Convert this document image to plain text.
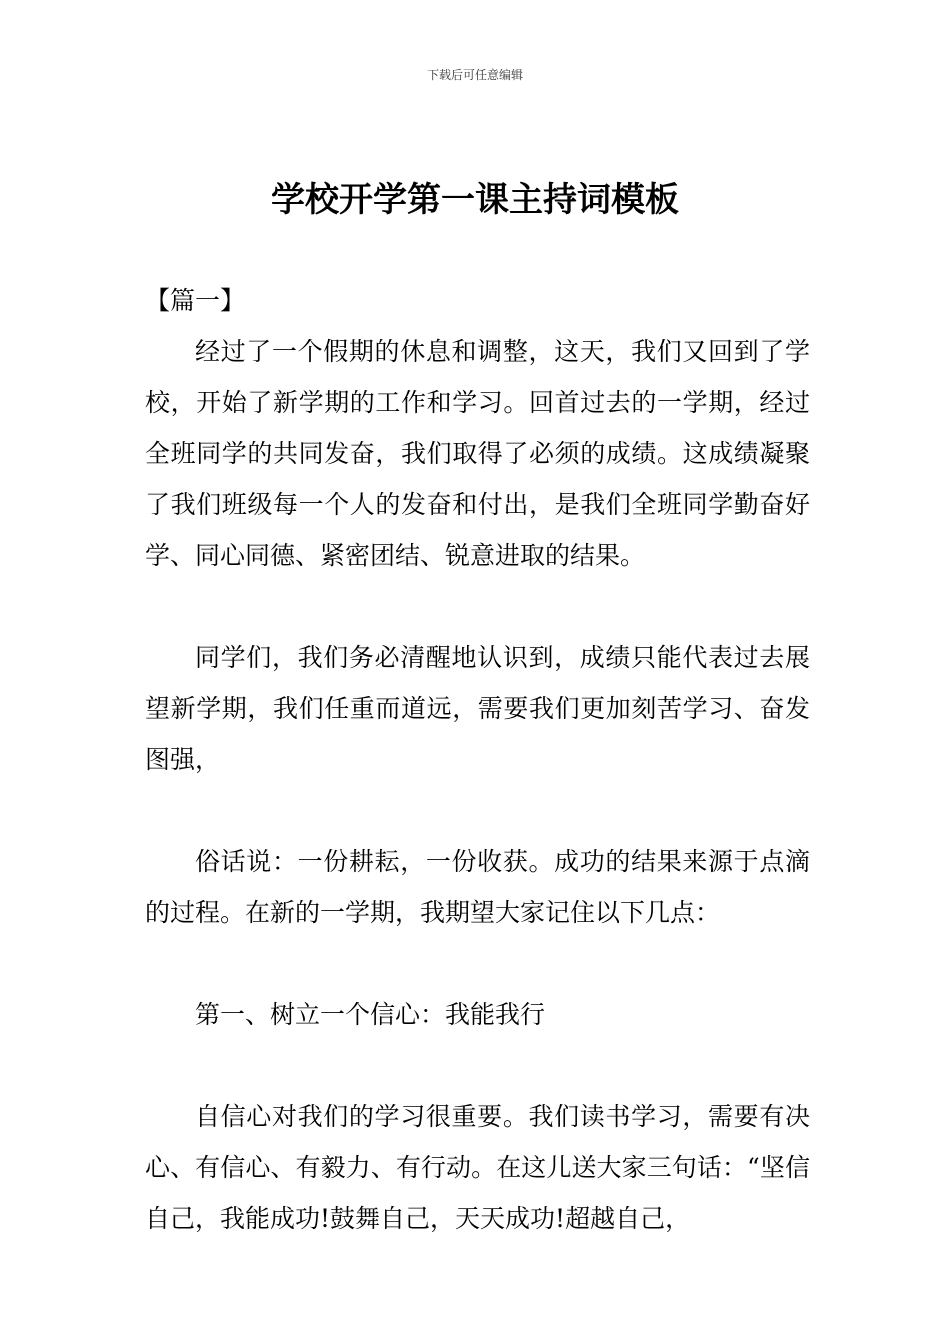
下载后可任意编辑
学校开学第一课主持词模板

【篇一】

经过了一个假期的休息和调整，这天，我们又回到了学校，开始了新学期的工作和学习。回首过去的一学期，经过全班同学的共同发奋，我们取得了必须的成绩。这成绩凝聚了我们班级每一个人的发奋和付出，是我们全班同学勤奋好学、同心同德、紧密团结、锐意进取的结果。

同学们，我们务必清醒地认识到，成绩只能代表过去展望新学期，我们任重而道远，需要我们更加刻苦学习、奋发图强，

俗话说：一份耕耘，一份收获。成功的结果来源于点滴的过程。在新的一学期，我期望大家记住以下几点：

第一、树立一个信心：我能我行

自信心对我们的学习很重要。我们读书学习，需要有决心、有信心、有毅力、有行动。在这儿送大家三句话：“坚信自己，我能成功!鼓舞自己，天天成功!超越自己，
